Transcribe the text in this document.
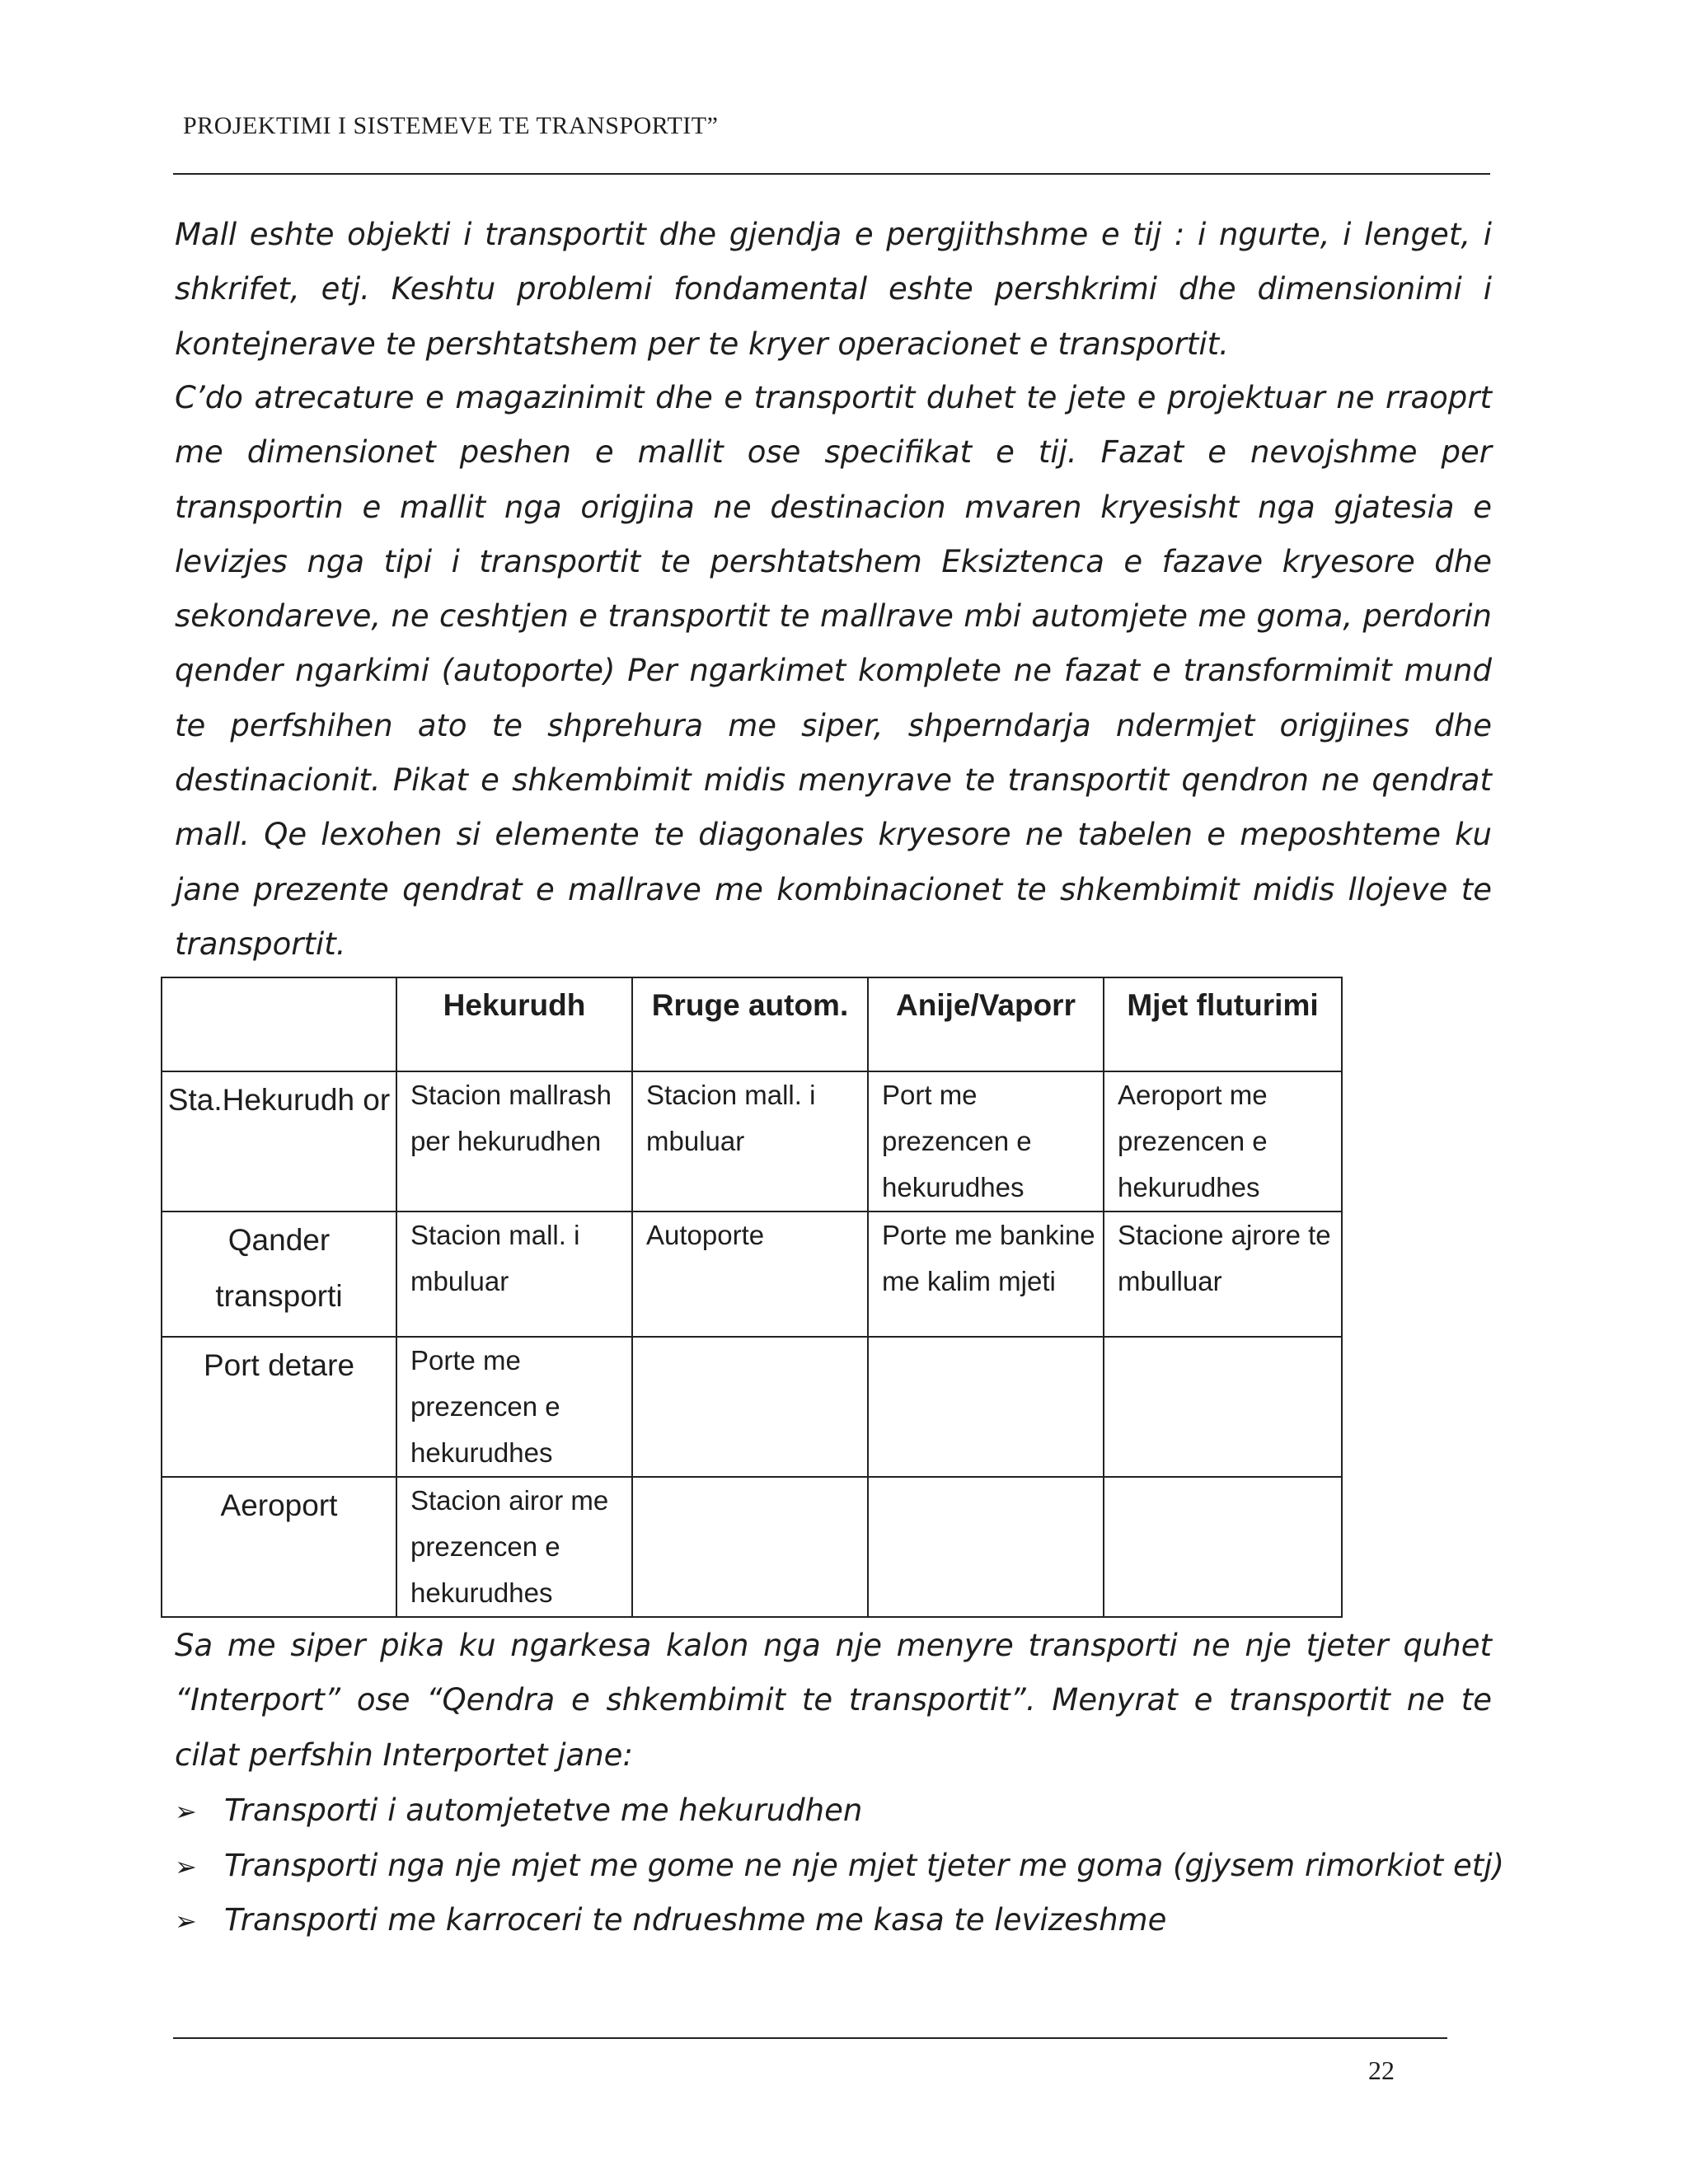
PROJEKTIMI I SISTEMEVE TE TRANSPORTIT”

Mall eshte objekti i transportit dhe gjendja e pergjithshme e tij : i ngurte, i lenget, i shkrifet, etj. Keshtu problemi fondamental eshte pershkrimi dhe dimensionimi i kontejnerave te pershtatshem per te kryer operacionet e transportit.

C’do atrecature e magazinimit dhe e transportit duhet te jete e projektuar ne rraoprt me dimensionet peshen e mallit ose specifikat e tij. Fazat e nevojshme per transportin e mallit nga origjina ne destinacion mvaren kryesisht nga gjatesia e levizjes nga tipi i transportit te pershtatshem Eksiztenca e fazave kryesore dhe sekondareve, ne ceshtjen e transportit te mallrave mbi automjete me goma, perdorin qender ngarkimi (autoporte) Per ngarkimet komplete ne fazat e transformimit mund te perfshihen ato te shprehura me siper, shperndarja ndermjet origjines dhe destinacionit. Pikat e shkembimit midis menyrave te transportit qendron ne qendrat mall. Qe lexohen si elemente te diagonales kryesore ne tabelen e meposhteme ku jane prezente qendrat e mallrave me kombinacionet te shkembimit midis llojeve te transportit.

	Hekurudh	Rruge autom.	Anije/Vaporr	Mjet fluturimi
Sta.Hekurudh or	Stacion mallrash per hekurudhen	Stacion mall. i mbuluar	Port me prezencen e hekurudhes	Aeroport me prezencen e hekurudhes
Qander transporti	Stacion mall. i mbuluar	Autoporte	Porte me bankine me kalim mjeti	Stacione ajrore te mbulluar
Port detare	Porte me prezencen e hekurudhes			
Aeroport	Stacion airor me prezencen e hekurudhes			

Sa me siper pika ku ngarkesa kalon nga nje menyre transporti ne nje tjeter quhet “Interport” ose “Qendra e shkembimit te transportit”. Menyrat e transportit ne te cilat perfshin Interportet jane:

➢ Transporti i automjetetve me hekurudhen
➢ Transporti nga nje mjet me gome ne nje mjet tjeter me goma (gjysem rimorkiot etj)
➢ Transporti me karroceri te ndrueshme me kasa te levizeshme
22
